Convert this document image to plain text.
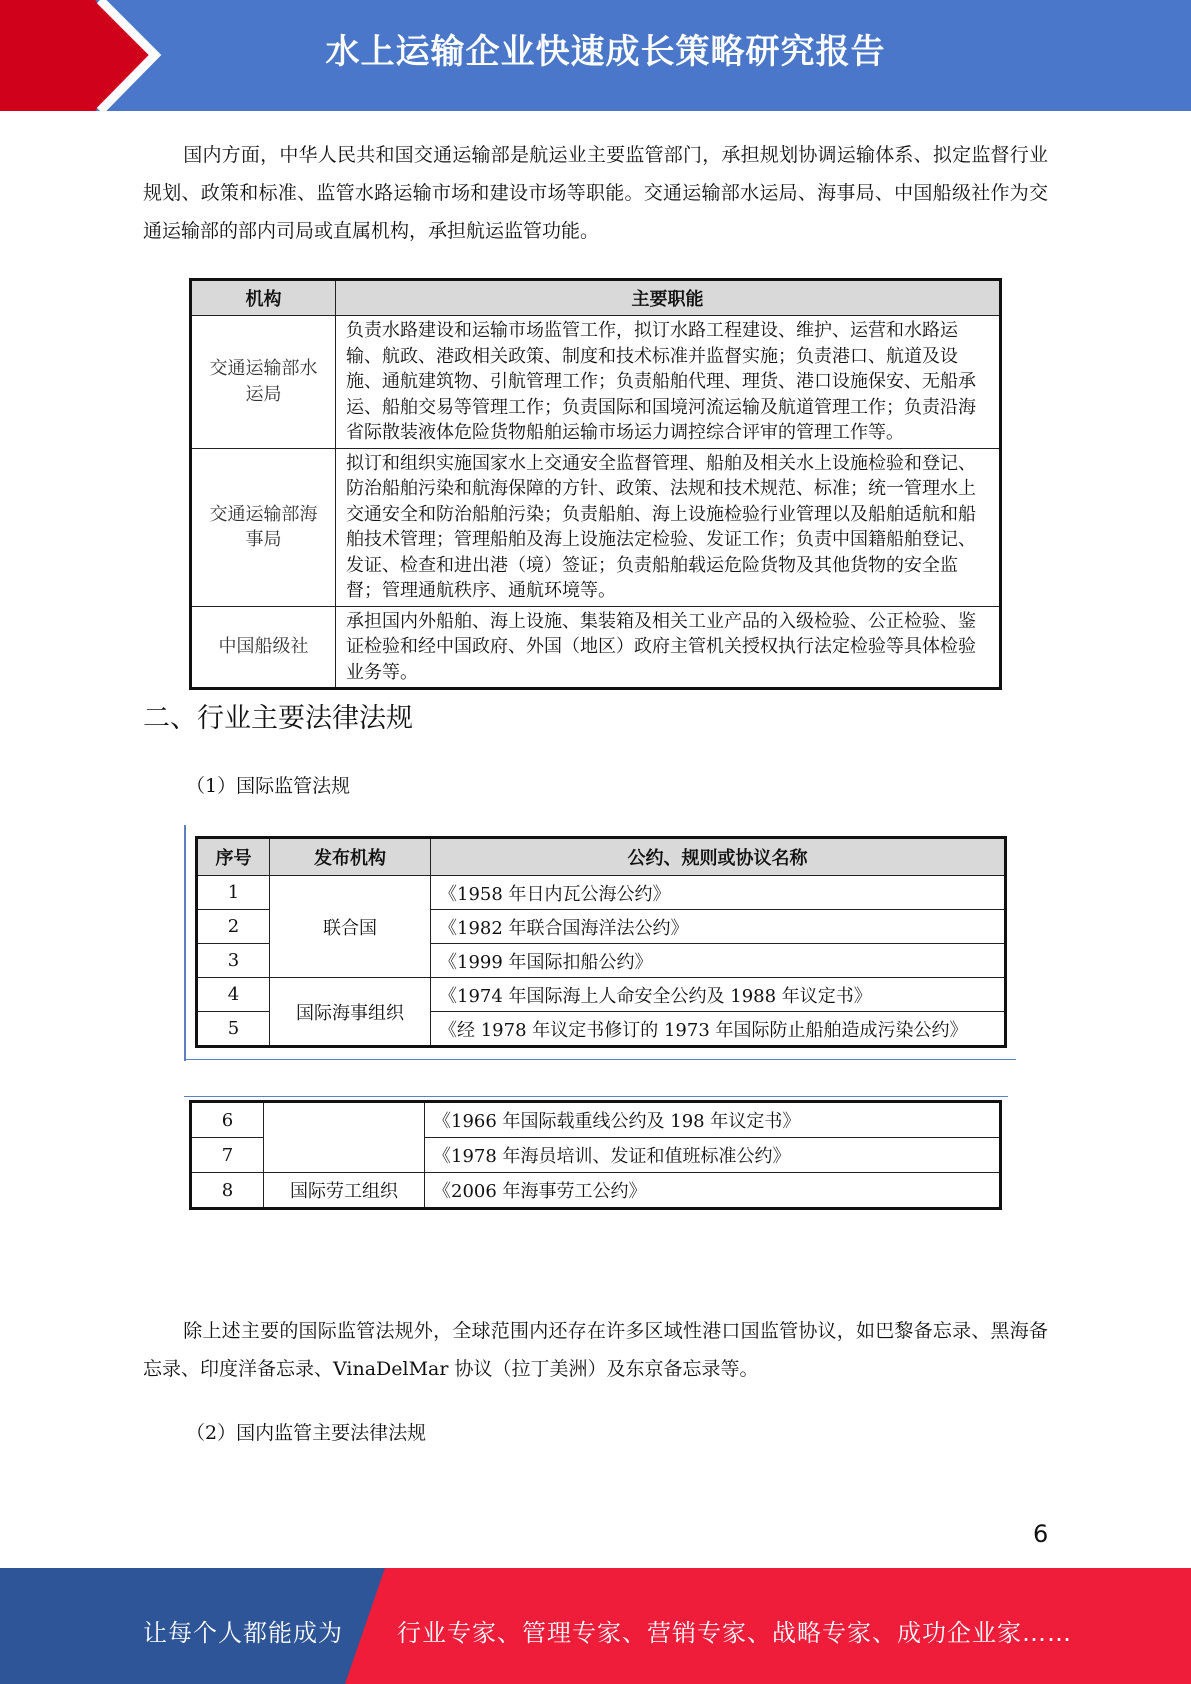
水上运输企业快速成长策略研究报告

国内方面，中华人民共和国交通运输部是航运业主要监管部门，承担规划协调运输体系、拟定监督行业规划、政策和标准、监管水路运输市场和建设市场等职能。交通运输部水运局、海事局、中国船级社作为交通运输部的部内司局或直属机构，承担航运监管功能。

机构	主要职能
交通运输部水运局	负责水路建设和运输市场监管工作，拟订水路工程建设、维护、运营和水路运输、航政、港政相关政策、制度和技术标准并监督实施；负责港口、航道及设施、通航建筑物、引航管理工作；负责船舶代理、理货、港口设施保安、无船承运、船舶交易等管理工作；负责国际和国境河流运输及航道管理工作；负责沿海省际散装液体危险货物船舶运输市场运力调控综合评审的管理工作等。
交通运输部海事局	拟订和组织实施国家水上交通安全监督管理、船舶及相关水上设施检验和登记、防治船舶污染和航海保障的方针、政策、法规和技术规范、标准；统一管理水上交通安全和防治船舶污染；负责船舶、海上设施检验行业管理以及船舶适航和船舶技术管理；管理船舶及海上设施法定检验、发证工作；负责中国籍船舶登记、发证、检查和进出港（境）签证；负责船舶载运危险货物及其他货物的安全监督；管理通航秩序、通航环境等。
中国船级社	承担国内外船舶、海上设施、集装箱及相关工业产品的入级检验、公正检验、鉴证检验和经中国政府、外国（地区）政府主管机关授权执行法定检验等具体检验业务等。
二、行业主要法律法规

（1）国际监管法规

序号	发布机构	公约、规则或协议名称
1	联合国	《1958 年日内瓦公海公约》
2		《1982 年联合国海洋法公约》
3		《1999 年国际扣船公约》
4	国际海事组织	《1974 年国际海上人命安全公约及 1988 年议定书》
5		《经 1978 年议定书修订的 1973 年国际防止船舶造成污染公约》
6		《1966 年国际载重线公约及 198 年议定书》
7		《1978 年海员培训、发证和值班标准公约》
8	国际劳工组织	《2006 年海事劳工公约》

除上述主要的国际监管法规外，全球范围内还存在许多区域性港口国监管协议，如巴黎备忘录、黑海备忘录、印度洋备忘录、VinaDelMar 协议（拉丁美洲）及东京备忘录等。

（2）国内监管主要法律法规

6
让每个人都能成为 行业专家、管理专家、营销专家、战略专家、成功企业家……
